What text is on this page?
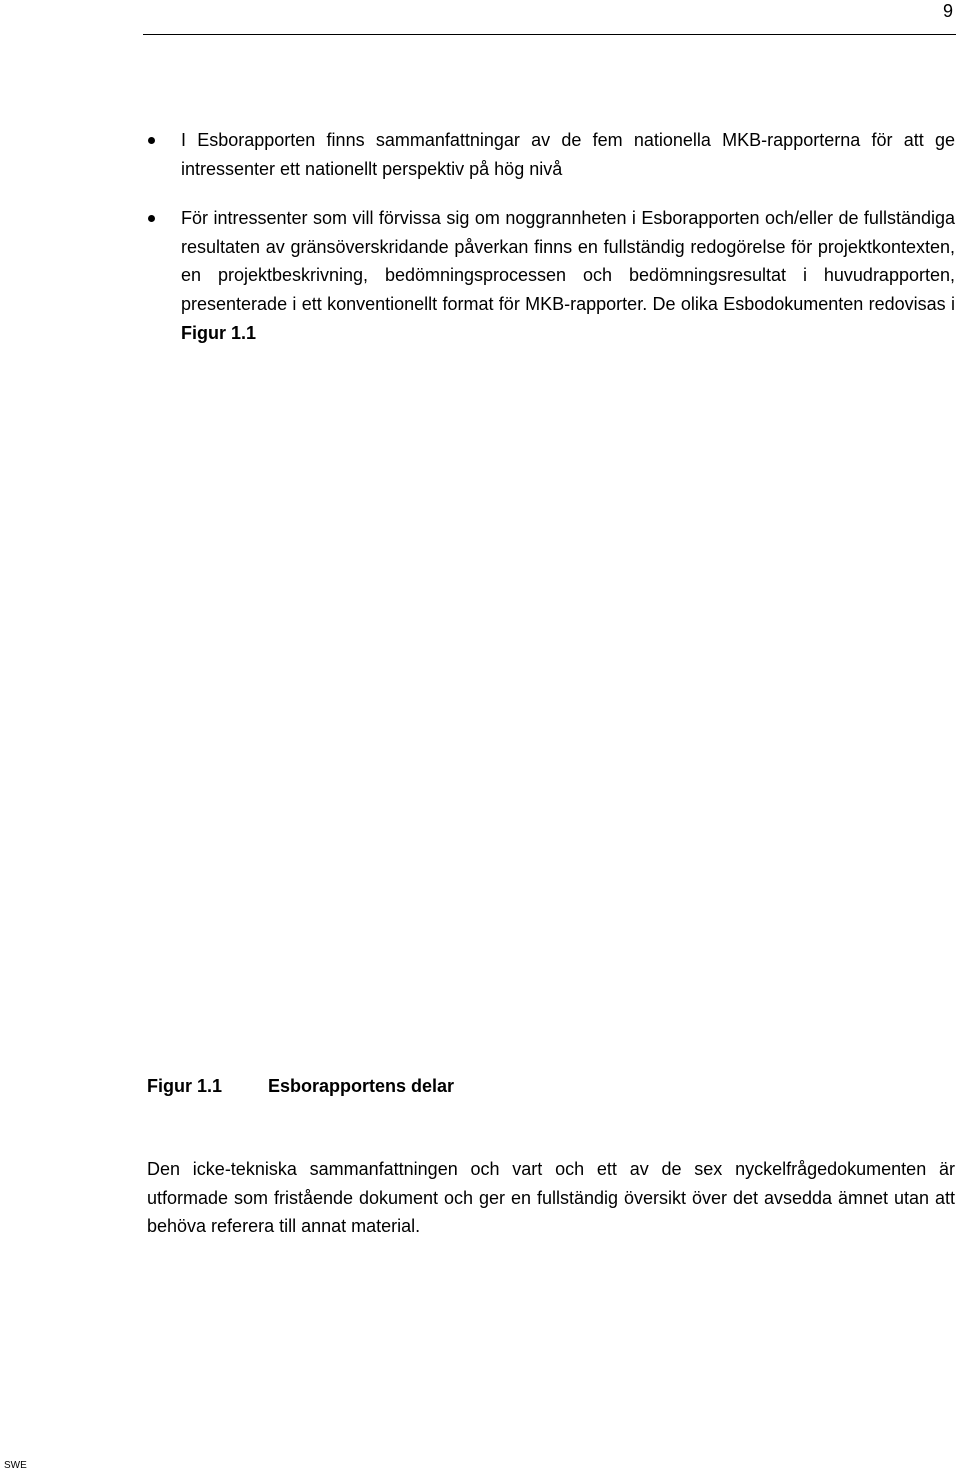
9
I Esborapporten finns sammanfattningar av de fem nationella MKB-rapporterna för att ge intressenter ett nationellt perspektiv på hög nivå
För intressenter som vill förvissa sig om noggrannheten i Esborapporten och/eller de fullständiga resultaten av gränsöverskridande påverkan finns en fullständig redogörelse för projektkontexten, en projektbeskrivning, bedömningsprocessen och bedömningsresultat i huvudrapporten, presenterade i ett konventionellt format för MKB-rapporter. De olika Esbodokumenten redovisas i Figur 1.1
Figur 1.1	Esborapportens delar

Den icke-tekniska sammanfattningen och vart och ett av de sex nyckelfrågedokumenten är utformade som fristående dokument och ger en fullständig översikt över det avsedda ämnet utan att behöva referera till annat material.

SWE
